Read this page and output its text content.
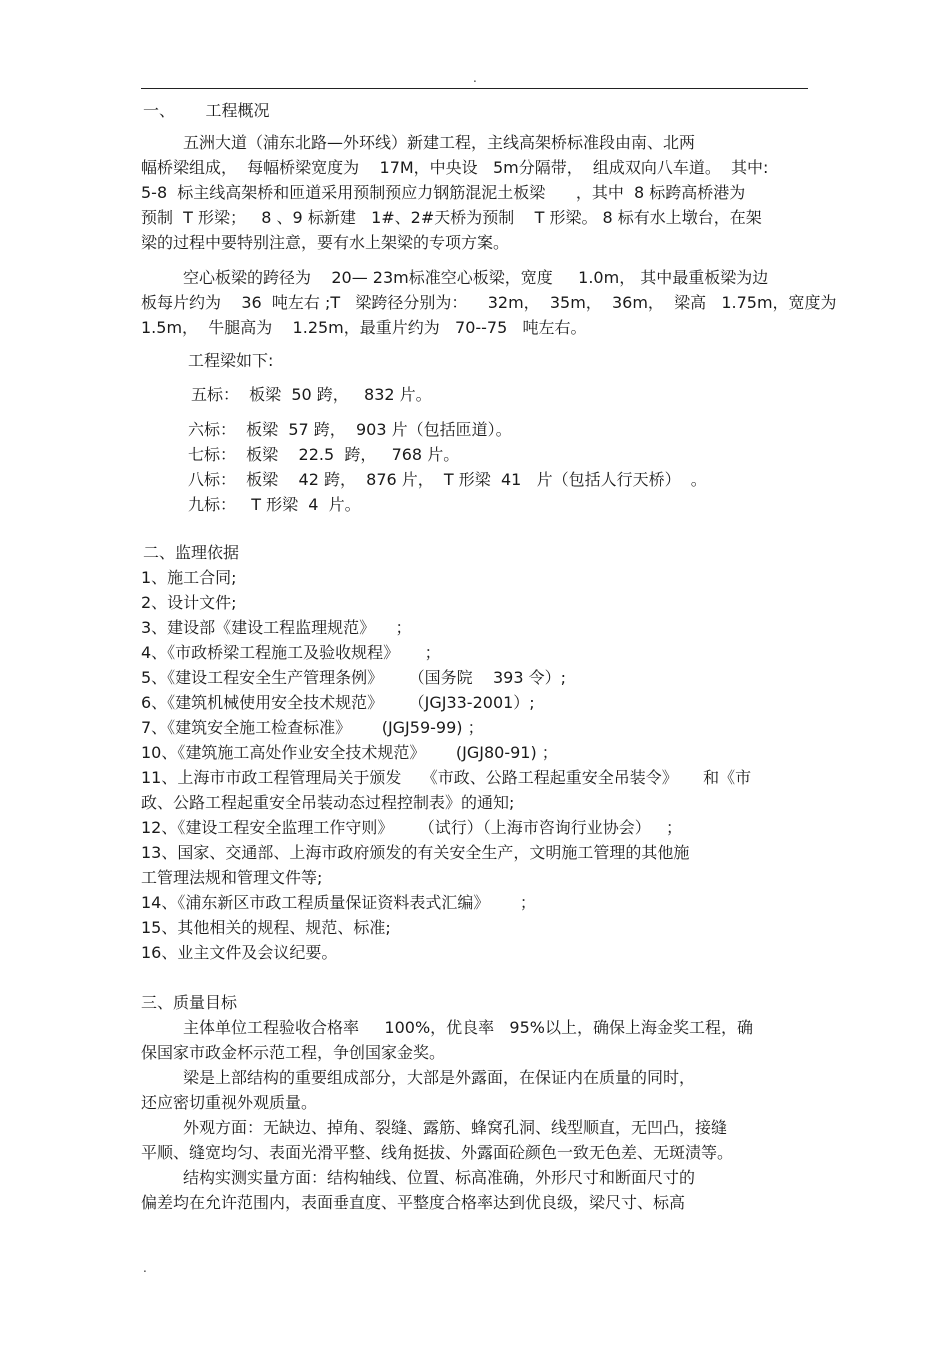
.
一、      工程概况
五洲大道（浦东北路—外环线）新建工程，主线高架桥标准段由南、北两
幅桥梁组成，  每幅桥梁宽度为    17M，中央设   5m分隔带，  组成双向八车道。  其中:
5-8  标主线高架桥和匝道采用预制预应力钢筋混泥土板梁      ，其中  8 标跨高桥港为
预制  T 形梁；   8 、9 标新建   1#、2#天桥为预制    T 形梁。 8 标有水上墩台，在架
梁的过程中要特别注意，要有水上架梁的专项方案。
空心板梁的跨径为    20— 23m标准空心板梁，宽度     1.0m， 其中最重板梁为边
板每片约为    36  吨左右 ;T   梁跨径分别为：    32m，  35m，  36m，  梁高   1.75m，宽度为
1.5m，  牛腿高为    1.25m，最重片约为   70--75   吨左右。
工程梁如下:
五标：  板梁  50 跨，   832 片。
六标：  板梁  57 跨，  903 片（包括匝道）。
七标：  板梁    22.5  跨，   768 片。
八标：  板梁    42 跨，  876 片，  T 形梁  41   片（包括人行天桥）  。
九标：   T 形梁  4  片。
二、监理依据
1、施工合同;
2、设计文件;
3、建设部《建设工程监理规范》    ；
4、《市政桥梁工程施工及验收规程》     ；
5、《建设工程安全生产管理条例》     （国务院    393 令）;
6、《建筑机械使用安全技术规范》     （JGJ33-2001）;
7、《建筑安全施工检查标准》      (JGJ59-99) ；
10、《建筑施工高处作业安全技术规范》      (JGJ80-91) ；
11、上海市市政工程管理局关于颁发    《市政、公路工程起重安全吊装令》     和《市
政、公路工程起重安全吊装动态过程控制表》的通知;
12、《建设工程安全监理工作守则》     （试行）（上海市咨询行业协会）   ；
13、国家、交通部、上海市政府颁发的有关安全生产，文明施工管理的其他施
工管理法规和管理文件等;
14、《浦东新区市政工程质量保证资料表式汇编》      ；
15、其他相关的规程、规范、标准;
16、业主文件及会议纪要。
三、质量目标
主体单位工程验收合格率     100%，优良率   95%以上，确保上海金奖工程，确
保国家市政金杯示范工程，争创国家金奖。
梁是上部结构的重要组成部分，大部是外露面，在保证内在质量的同时，
还应密切重视外观质量。
外观方面：无缺边、掉角、裂缝、露筋、蜂窝孔洞、线型顺直，无凹凸，接缝
平顺、缝宽均匀、表面光滑平整、线角挺拔、外露面砼颜色一致无色差、无斑渍等。
结构实测实量方面：结构轴线、位置、标高准确，外形尺寸和断面尺寸的
偏差均在允许范围内，表面垂直度、平整度合格率达到优良级，梁尺寸、标高
.
